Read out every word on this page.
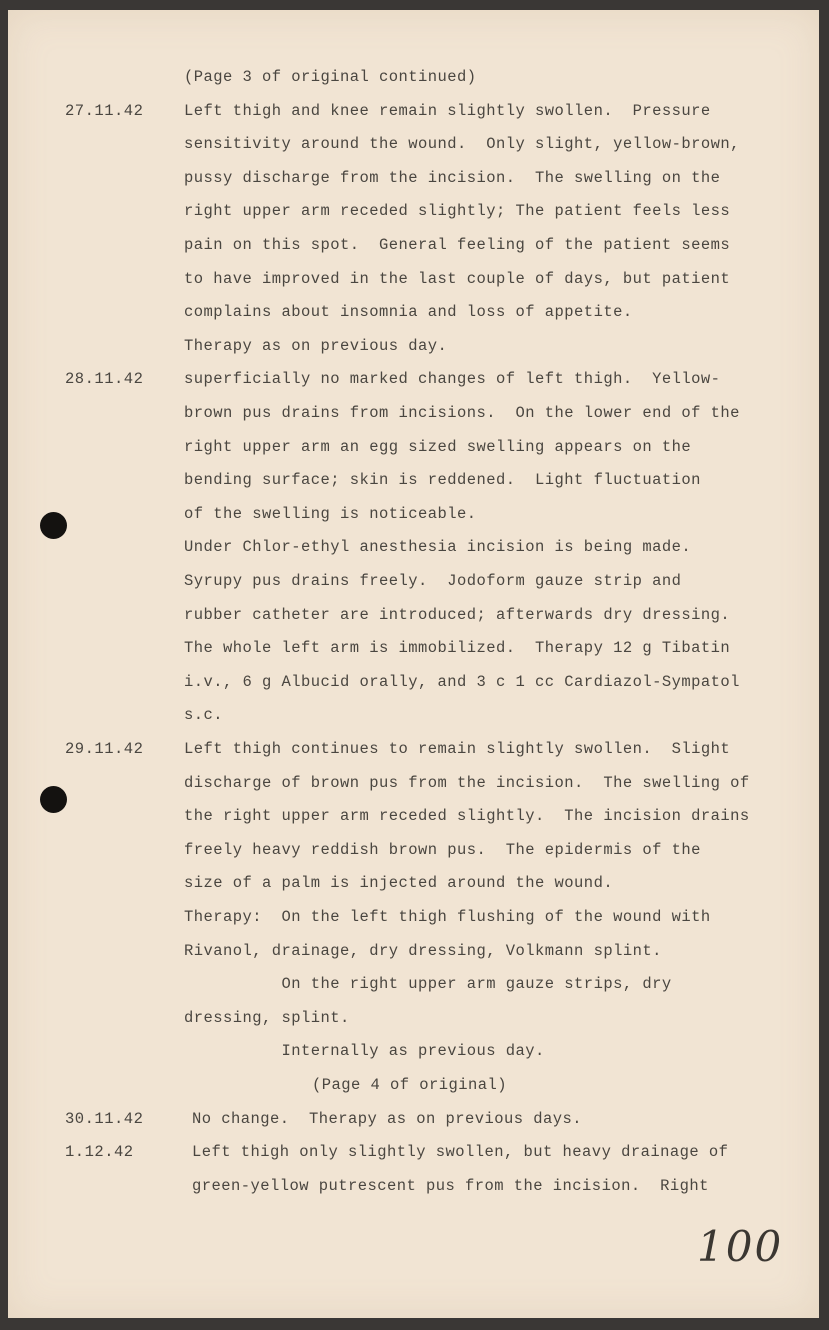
(Page 3 of original continued)
27.11.42	Left thigh and knee remain slightly swollen.  Pressure
sensitivity around the wound.  Only slight, yellow-brown,
pussy discharge from the incision.  The swelling on the
right upper arm receded slightly; The patient feels less
pain on this spot.  General feeling of the patient seems
to have improved in the last couple of days, but patient
complains about insomnia and loss of appetite.
Therapy as on previous day.
28.11.42	superficially no marked changes of left thigh.  Yellow-
brown pus drains from incisions.  On the lower end of the
right upper arm an egg sized swelling appears on the
bending surface; skin is reddened.  Light fluctuation
of the swelling is noticeable.
Under Chlor-ethyl anesthesia incision is being made.
Syrupy pus drains freely.  Jodoform gauze strip and
rubber catheter are introduced; afterwards dry dressing.
The whole left arm is immobilized.  Therapy 12 g Tibatin
i.v., 6 g Albucid orally, and 3 c 1 cc Cardiazol-Sympatol
s.c.
29.11.42	Left thigh continues to remain slightly swollen.  Slight
discharge of brown pus from the incision.  The swelling of
the right upper arm receded slightly.  The incision drains
freely heavy reddish brown pus.  The epidermis of the
size of a palm is injected around the wound.
Therapy:  On the left thigh flushing of the wound with
Rivanol, drainage, dry dressing, Volkmann splint.
On the right upper arm gauze strips, dry
dressing, splint.
Internally as previous day.
(Page 4 of original)
30.11.42	No change.  Therapy as on previous days.
1.12.42	Left thigh only slightly swollen, but heavy drainage of
green-yellow putrescent pus from the incision.  Right
100
